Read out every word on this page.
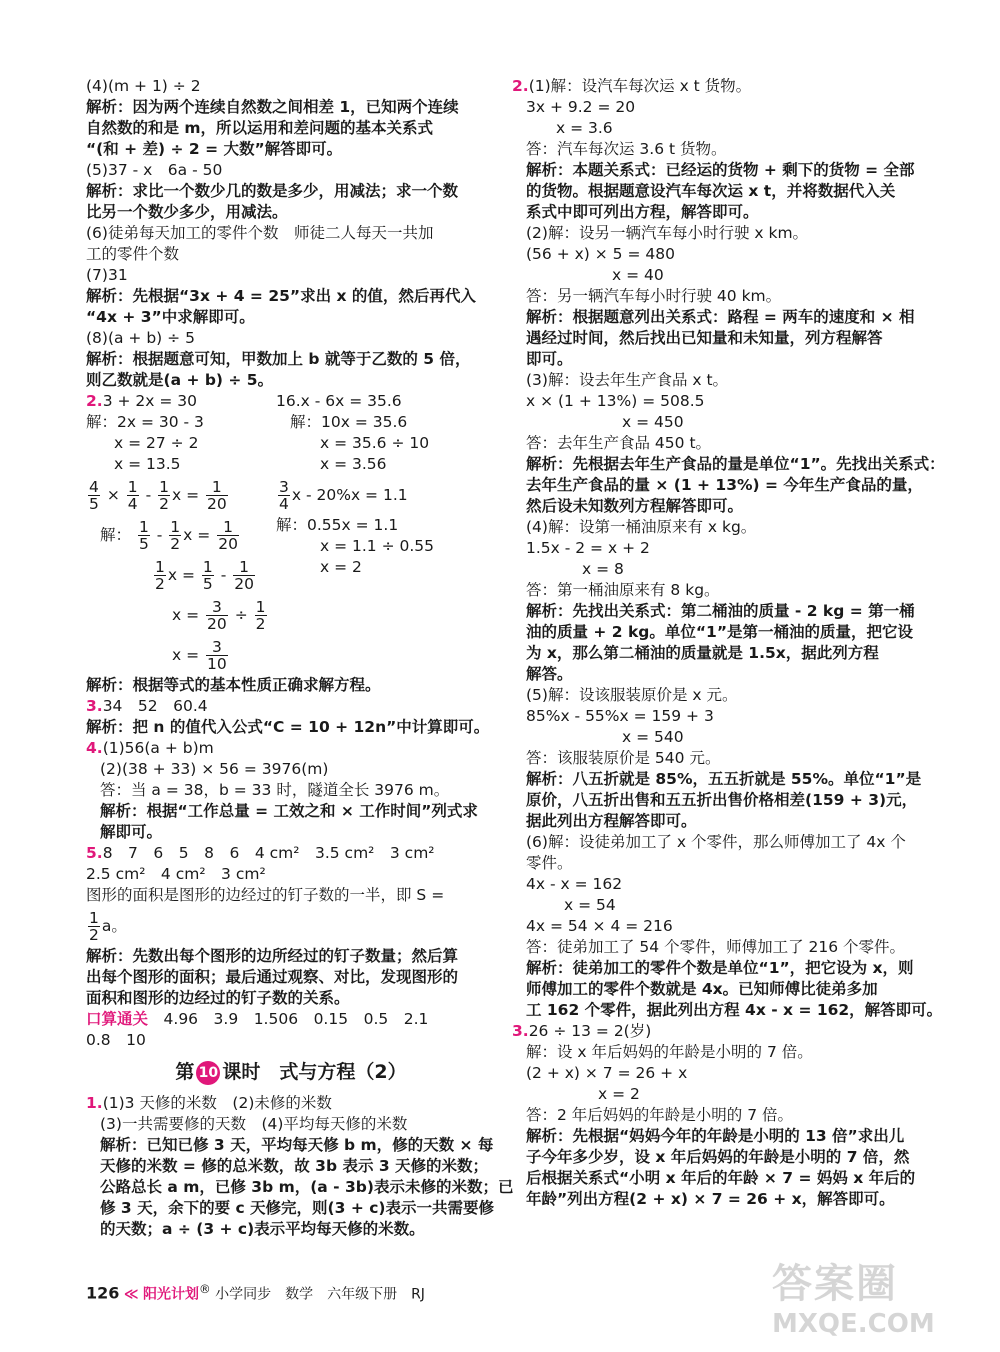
(4)(m + 1) ÷ 2
解析：因为两个连续自然数之间相差 1，已知两个连续
自然数的和是 m，所以运用和差问题的基本关系式
“(和 + 差) ÷ 2 = 大数”解答即可。
(5)37 - x　6a - 50
解析：求比一个数少几的数是多少，用减法；求一个数
比另一个数少多少，用减法。
(6)徒弟每天加工的零件个数　师徒二人每天一共加
工的零件个数
(7)31
解析：先根据“3x + 4 = 25”求出 x 的值，然后再代入
“4x + 3”中求解即可。
(8)(a + b) ÷ 5
解析：根据题意可知，甲数加上 b 就等于乙数的 5 倍，
则乙数就是(a + b) ÷ 5。
2.3 + 2x = 30	16.x - 6x = 35.6
解：2x = 30 - 3	解：10x = 35.6
x = 27 ÷ 2	x = 35.6 ÷ 10
x = 13.5	x = 3.56
$\frac{4}{5} \times \frac{1}{4} - \frac{1}{2}$ $x = \frac{1}{20}$	$\frac{3}{4}$ x - 20%x = 1.1
解： $\frac{1}{5} - \frac{1}{2}$ $x = \frac{1}{20}$
$\frac{1}{2}$ $x = \frac{1}{5} - \frac{1}{20}$
$x = \frac{3}{20} \div \frac{1}{2}$
$x = \frac{3}{10}$
解：0.55x = 1.1
x = 1.1 ÷ 0.55
x = 2
解析：根据等式的基本性质正确求解方程。
3.34　52　60.4
解析：把 n 的值代入公式“C = 10 + 12n”中计算即可。
4.(1)56(a + b)m
(2)(38 + 33) × 56 = 3976(m)
答：当 a = 38，b = 33 时，隧道全长 3976 m。
解析：根据“工作总量 = 工效之和 × 工作时间”列式求
解即可。
5.8　7　6　5　8　6　4 cm²　3.5 cm²　3 cm²
2.5 cm²　4 cm²　3 cm²
图形的面积是图形的边经过的钉子数的一半，即 S =
$\frac{1}{2}$ a。
解析：先数出每个图形的边所经过的钉子数量；然后算
出每个图形的面积；最后通过观察、对比，发现图形的
面积和图形的边经过的钉子数的关系。
口算通关　 4.96　3.9　1.506　0.15　0.5　2.1
0.8　10
第 10 课时　式与方程（2）
1.(1)3 天修的米数　(2)未修的米数
(3)一共需要修的天数　(4)平均每天修的米数
解析：已知已修 3 天，平均每天修 b m，修的天数 × 每
天修的米数 = 修的总米数，故 3b 表示 3 天修的米数；
公路总长 a m，已修 3b m，(a - 3b)表示未修的米数；已
修 3 天，余下的要 c 天修完，则(3 + c)表示一共需要修
的天数；a ÷ (3 + c)表示平均每天修的米数。
2.(1)解：设汽车每次运 x t 货物。
3x + 9.2 = 20
x = 3.6
答：汽车每次运 3.6 t 货物。
解析：本题关系式：已经运的货物 + 剩下的货物 = 全部
的货物。根据题意设汽车每次运 x t，并将数据代入关
系式中即可列出方程，解答即可。
(2)解：设另一辆汽车每小时行驶 x km。
(56 + x) × 5 = 480
x = 40
答：另一辆汽车每小时行驶 40 km。
解析：根据题意列出关系式：路程 = 两车的速度和 × 相
遇经过时间，然后找出已知量和未知量，列方程解答
即可。
(3)解：设去年生产食品 x t。
x × (1 + 13%) = 508.5
x = 450
答：去年生产食品 450 t。
解析：先根据去年生产食品的量是单位“1”。先找出关系式：
去年生产食品的量 × (1 + 13%) = 今年生产食品的量，
然后设未知数列方程解答即可。
(4)解：设第一桶油原来有 x kg。
1.5x - 2 = x + 2
x = 8
答：第一桶油原来有 8 kg。
解析：先找出关系式：第二桶油的质量 - 2 kg = 第一桶
油的质量 + 2 kg。单位“1”是第一桶油的质量，把它设
为 x，那么第二桶油的质量就是 1.5x，据此列方程
解答。
(5)解：设该服装原价是 x 元。
85%x - 55%x = 159 + 3
x = 540
答：该服装原价是 540 元。
解析：八五折就是 85%，五五折就是 55%。单位“1”是
原价，八五折出售和五五折出售价格相差(159 + 3)元，
据此列出方程解答即可。
(6)解：设徒弟加工了 x 个零件，那么师傅加工了 4x 个
零件。
4x - x = 162
x = 54
4x = 54 × 4 = 216
答：徒弟加工了 54 个零件，师傅加工了 216 个零件。
解析：徒弟加工的零件个数是单位“1”，把它设为 x，则
师傅加工的零件个数就是 4x。已知师傅比徒弟多加
工 162 个零件，据此列出方程 4x - x = 162，解答即可。
3.26 ÷ 13 = 2(岁)
解：设 x 年后妈妈的年龄是小明的 7 倍。
(2 + x) × 7 = 26 + x
x = 2
答：2 年后妈妈的年龄是小明的 7 倍。
解析：先根据“妈妈今年的年龄是小明的 13 倍”求出儿
子今年多少岁，设 x 年后妈妈的年龄是小明的 7 倍，然
后根据关系式“小明 x 年后的年龄 × 7 = 妈妈 x 年后的
年龄”列出方程(2 + x) × 7 = 26 + x，解答即可。
126 ≪ 阳光计划® 小学同步　数学　六年级下册　RJ	答案圈
MXQE.COM
